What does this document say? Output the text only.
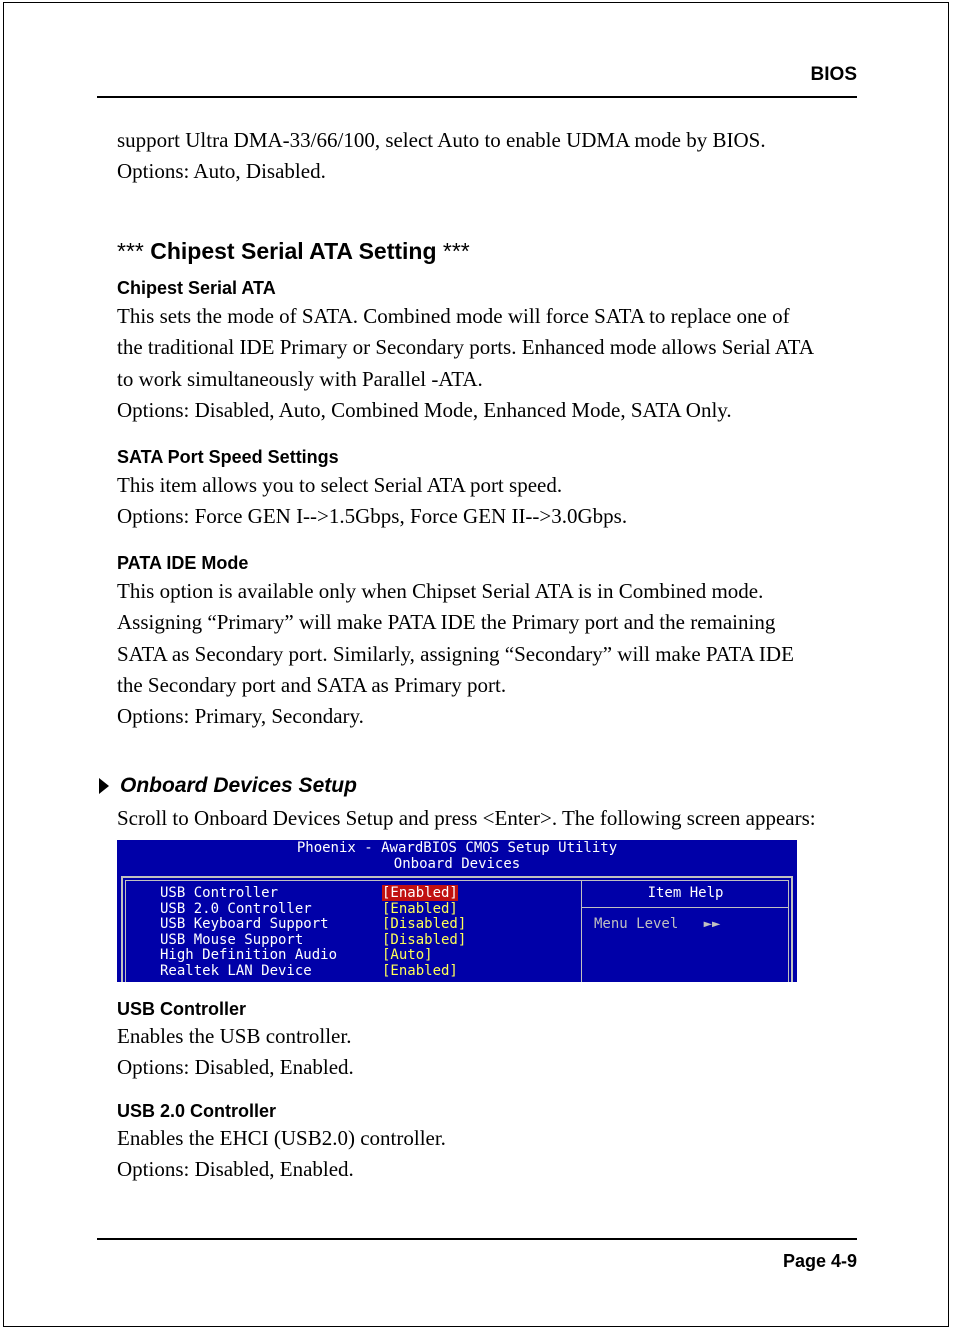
BIOS
support Ultra DMA-33/66/100, select Auto to enable UDMA mode by BIOS.
Options: Auto, Disabled.
*** Chipest Serial ATA Setting ***
Chipest Serial ATA
This sets the mode of SATA. Combined mode will force SATA to replace one of
the traditional IDE Primary or Secondary ports. Enhanced mode allows Serial ATA
to work simultaneously with Parallel -ATA.
Options: Disabled, Auto, Combined Mode, Enhanced Mode, SATA Only.
SATA Port Speed Settings
This item allows you to select Serial ATA port speed.
Options: Force GEN I-->1.5Gbps, Force GEN II-->3.0Gbps.
PATA IDE Mode
This option is available only when Chipset Serial ATA is in Combined mode.
Assigning “Primary” will make PATA IDE the Primary port and the remaining
SATA as Secondary port. Similarly, assigning “Secondary” will make PATA IDE
the Secondary port and SATA as Primary port.
Options: Primary, Secondary.
Onboard Devices Setup
Scroll to Onboard Devices Setup and press <Enter>. The following screen appears:
Phoenix - AwardBIOS CMOS Setup Utility
Onboard Devices
USB Controller	[Enabled]
USB 2.0 Controller	[Enabled]
USB Keyboard Support	[Disabled]
USB Mouse Support	[Disabled]
High Definition Audio	[Auto]
Realtek LAN Device	[Enabled]
Item Help
Menu Level ►►
USB Controller
Enables the USB controller.
Options: Disabled, Enabled.
USB 2.0 Controller
Enables the EHCI (USB2.0) controller.
Options: Disabled, Enabled.
Page 4-9
